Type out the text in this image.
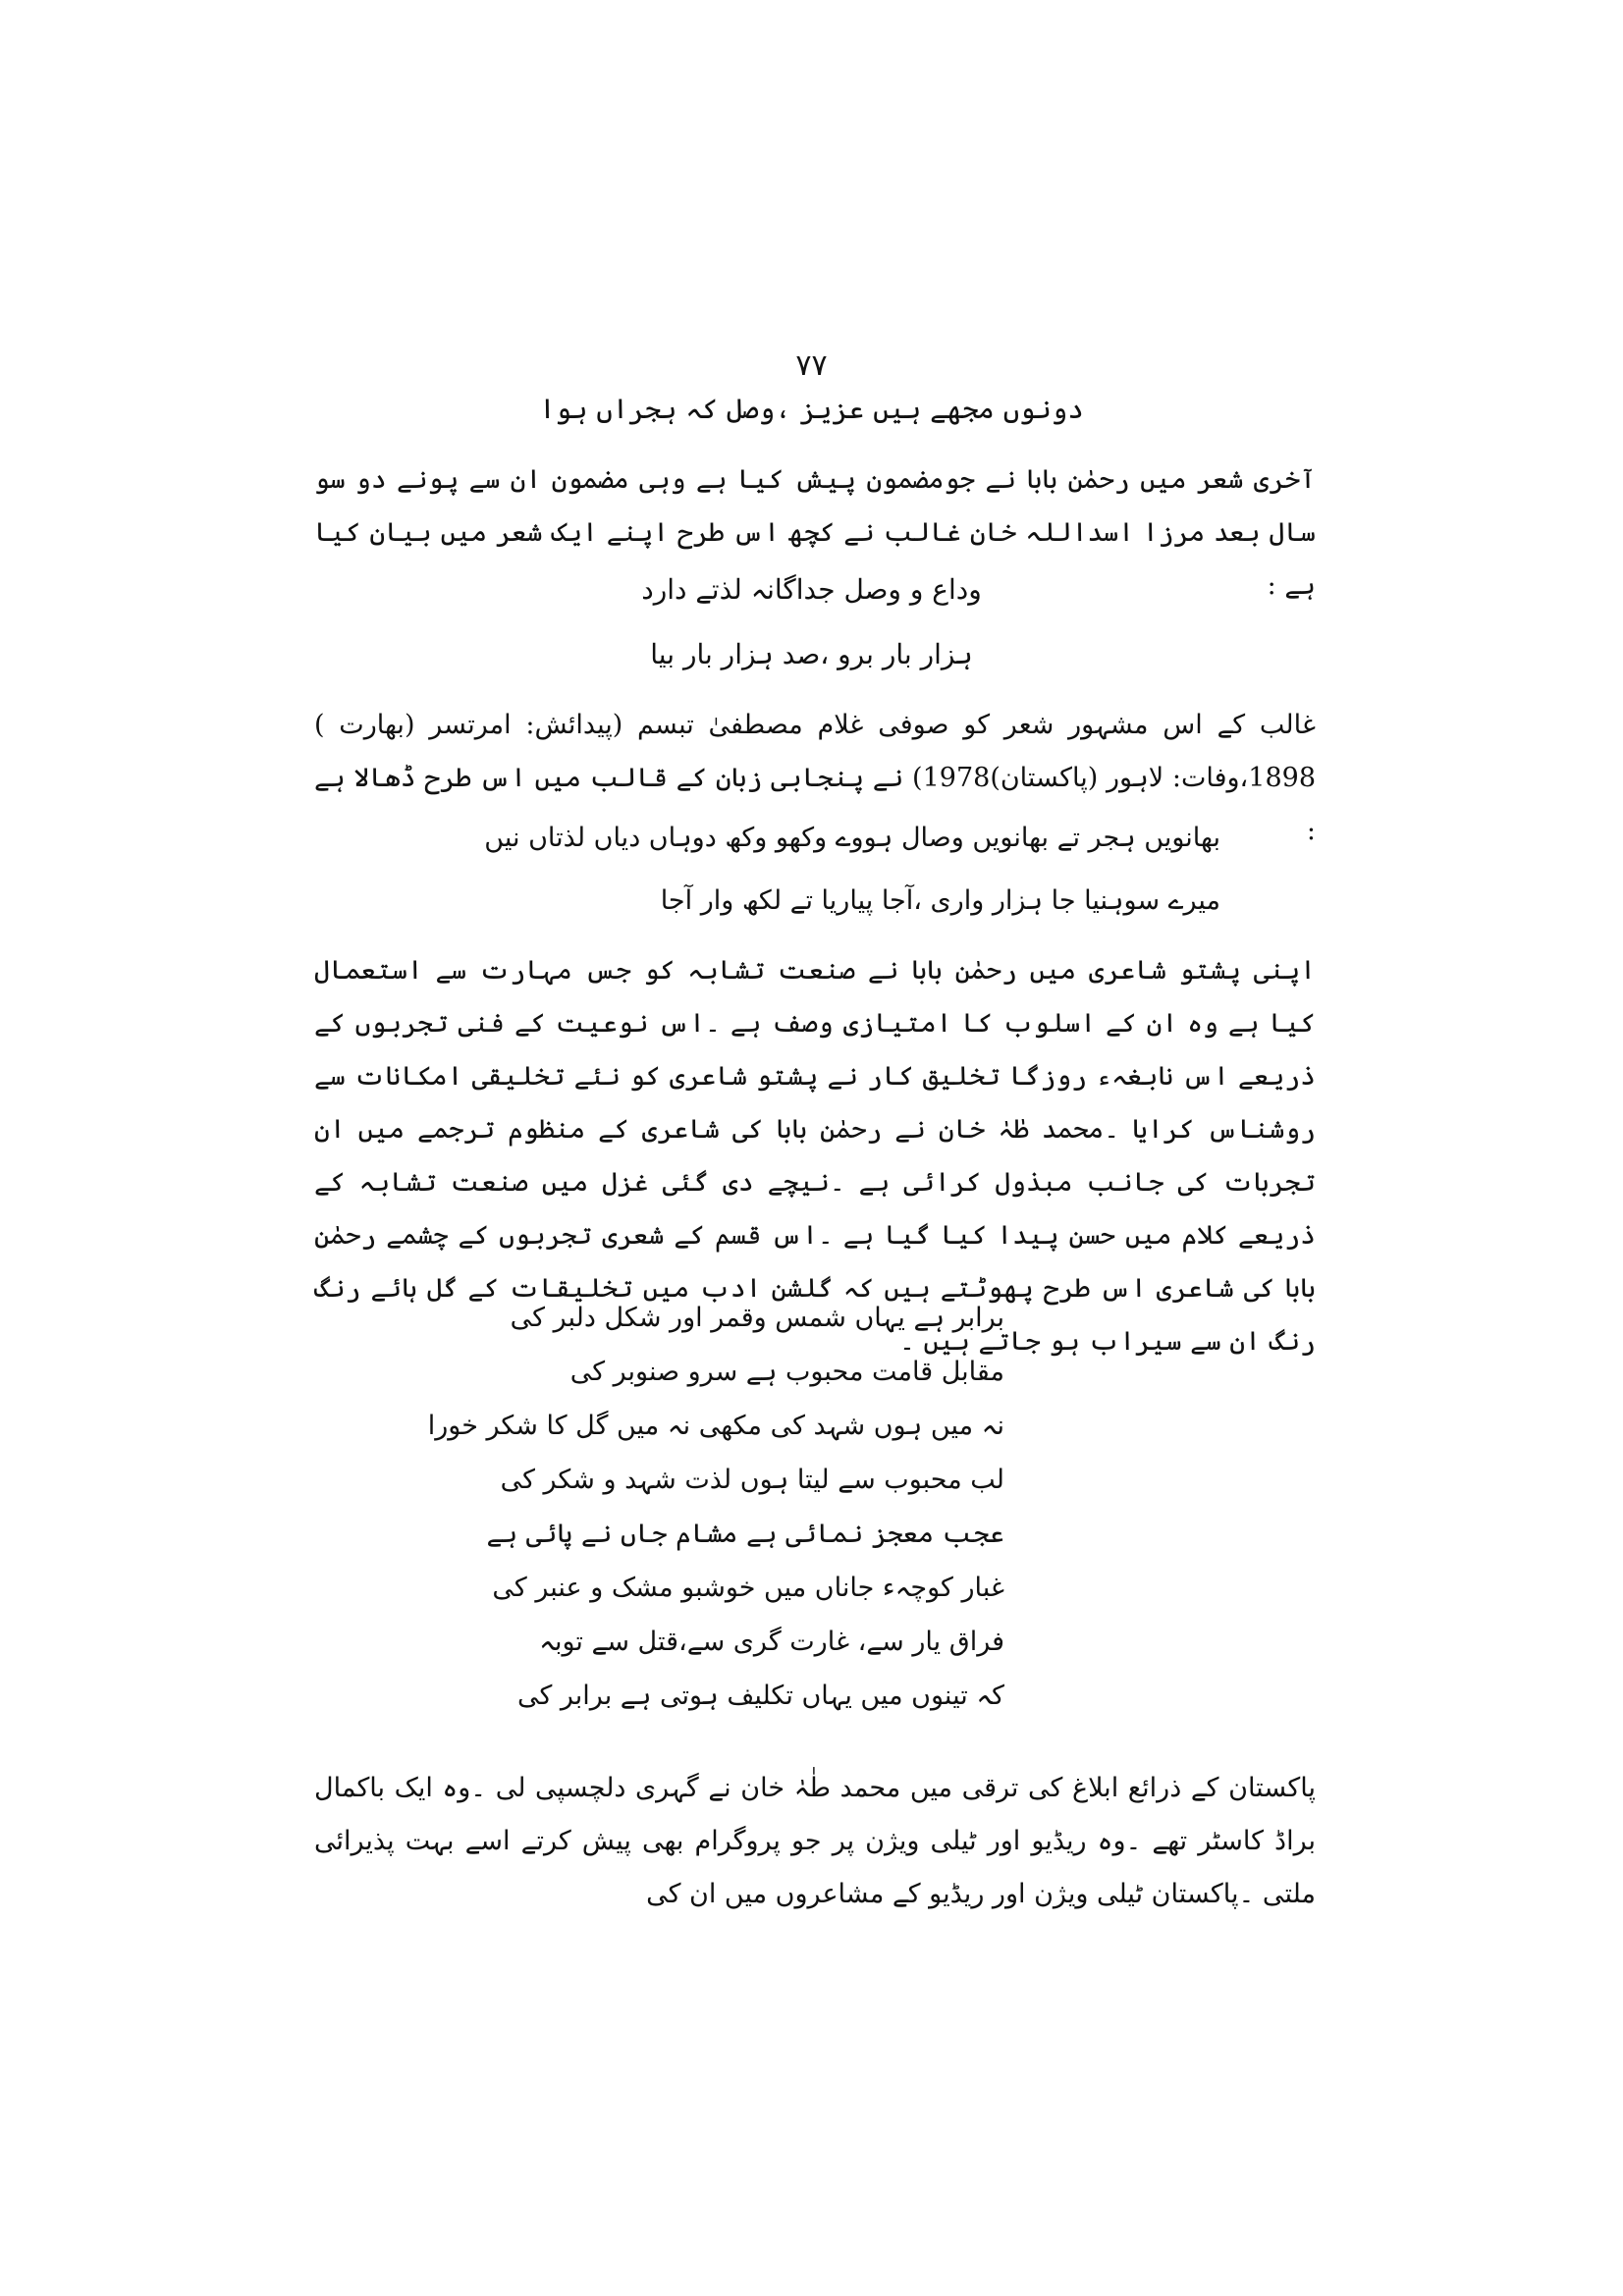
۷۷
دونوں مجھے ہیں عزیز ،وصل کہ ہجراں ہوا

آخری شعر میں رحمٰن بابا نے جومضمون پیش کیا ہے وہی مضمون ان سے پونے دو سو سال بعد مرزا اسداللہ خان غالب نے کچھ اس طرح اپنے ایک شعر میں بیان کیا ہے :

وداع و وصل جداگانہ لذتے دارد
ہزار بار برو ،صد ہزار بار بیا

غالب کے اس مشہور شعر کو صوفی غلام مصطفیٰ تبسم (پیدائش: امرتسر (بھارت ) 1898،وفات: لاہور (پاکستان)1978) نے پنجابی زبان کے قالب میں اس طرح ڈھالا ہے :

بھانویں ہجر تے بھانویں وصال ہووے وکھو وکھ دوہاں دیاں لذتاں نیں
میرے سوہنیا جا ہزار واری ،آجا پیاریا تے لکھ وار آجا

اپنی پشتو شاعری میں رحمٰن بابا نے صنعت تشابہ کو جس مہارت سے استعمال کیا ہے وہ ان کے اسلوب کا امتیازی وصف ہے ۔اس نوعیت کے فنی تجربوں کے ذریعے اس نابغہء روزگا تخلیق کار نے پشتو شاعری کو نئے تخلیقی امکانات سے روشناس کرایا ۔محمد طٰہٰ خان نے رحمٰن بابا کی شاعری کے منظوم ترجمے میں ان تجربات کی جانب مبذول کرائی ہے ۔نیچے دی گئی غزل میں صنعت تشابہ کے ذریعے کلام میں حسن پیدا کیا گیا ہے ۔اس قسم کے شعری تجربوں کے چشمے رحمٰن بابا کی شاعری اس طرح پھوٹتے ہیں کہ گلشن ادب میں تخلیقات کے گل ہائے رنگ رنگ ان سے سیراب ہو جاتے ہیں ۔

برابر ہے یہاں شمس وقمر اور شکل دلبر کی
مقابل قامت محبوب ہے سرو صنوبر کی
نہ میں ہوں شہد کی مکھی نہ میں گل کا شکر خورا
لب محبوب سے لیتا ہوں لذت شہد و شکر کی
عجب معجز نمائی ہے مشام جاں نے پائی ہے
غبار کوچہء جاناں میں خوشبو مشک و عنبر کی
فراق یار سے، غارت گری سے،قتل سے توبہ
کہ تینوں میں یہاں تکلیف ہوتی ہے برابر کی

پاکستان کے ذرائع ابلاغ کی ترقی میں محمد طٰہٰ خان نے گہری دلچسپی لی ۔وہ ایک باکمال براڈ کاسٹر تھے ۔وہ ریڈیو اور ٹیلی ویژن پر جو پروگرام بھی پیش کرتے اسے بہت پذیرائی ملتی ۔پاکستان ٹیلی ویژن اور ریڈیو کے مشاعروں میں ان کی
